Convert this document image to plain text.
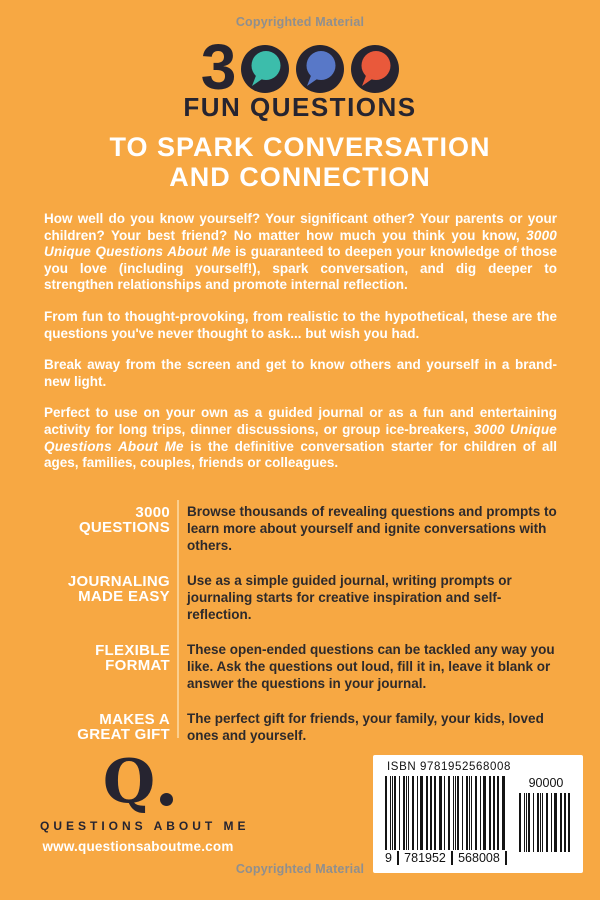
Copyrighted Material
3
FUN QUESTIONS
TO SPARK CONVERSATION
AND CONNECTION

How well do you know yourself? Your significant other? Your parents or your children? Your best friend? No matter how much you think you know, 3000 Unique Questions About Me is guaranteed to deepen your knowledge of those you love (including yourself!), spark conversation, and dig deeper to strengthen relationships and promote internal reflection.

From fun to thought-provoking, from realistic to the hypothetical, these are the questions you've never thought to ask... but wish you had.

Break away from the screen and get to know others and yourself in a brand-new light.

Perfect to use on your own as a guided journal or as a fun and entertaining activity for long trips, dinner discussions, or group ice-breakers, 3000 Unique Questions About Me is the definitive conversation starter for children of all ages, families, couples, friends or colleagues.

3000
QUESTIONS
Browse thousands of revealing questions and prompts to learn more about yourself and ignite conversations with others.
JOURNALING
MADE EASY
Use as a simple guided journal, writing prompts or journaling starts for creative inspiration and self-reflection.
FLEXIBLE
FORMAT
These open-ended questions can be tackled any way you like. Ask the questions out loud, fill it in, leave it blank or answer the questions in your journal.
MAKES A
GREAT GIFT
The perfect gift for friends, your family, your kids, loved ones and yourself.
Q
QUESTIONS ABOUT ME
www.questionsaboutme.com
ISBN 9781952568008
9 781952 568008
90000
Copyrighted Material
